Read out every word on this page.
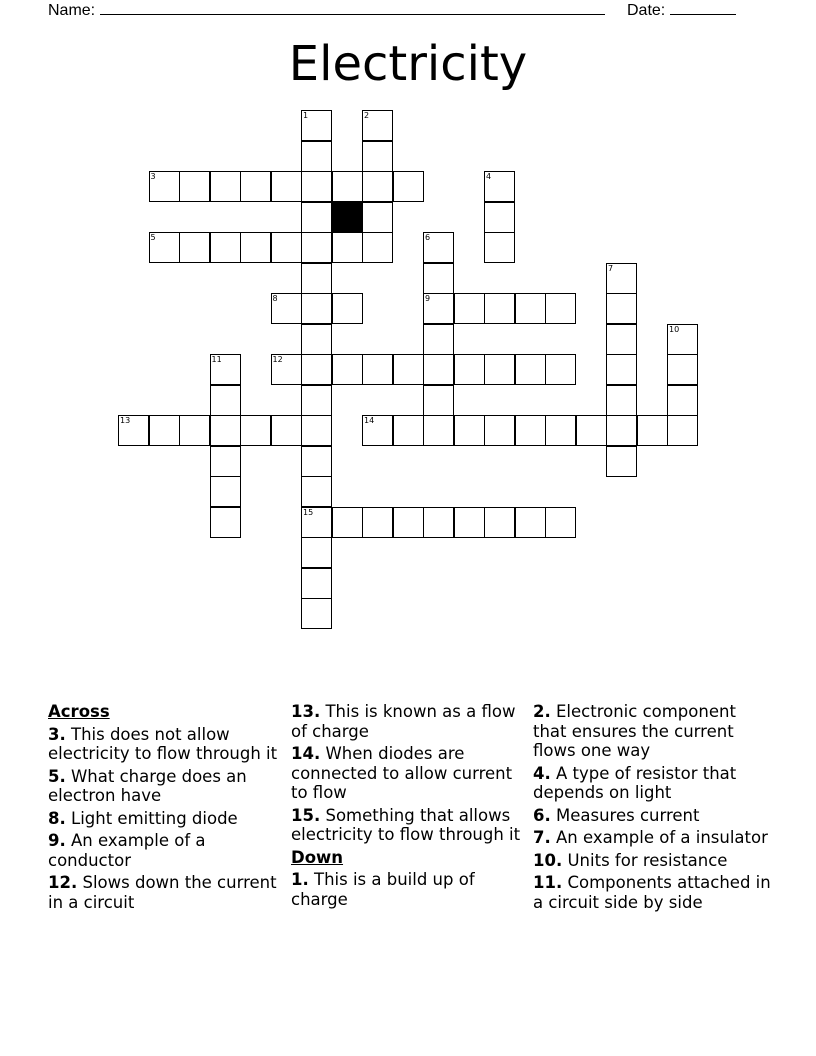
Name:	Date:
Electricity
1	2
3	4
5	6
7
8	9
10
11	12
13	14
15
Across
3. This does not allow electricity to flow through it
5. What charge does an electron have
8. Light emitting diode
9. An example of a conductor
12. Slows down the current in a circuit
13. This is known as a flow of charge
14. When diodes are connected to allow current to flow
15. Something that allows electricity to flow through it
Down
1. This is a build up of charge
2. Electronic component that ensures the current flows one way
4. A type of resistor that depends on light
6. Measures current
7. An example of a insulator
10. Units for resistance
11. Components attached in a circuit side by side
